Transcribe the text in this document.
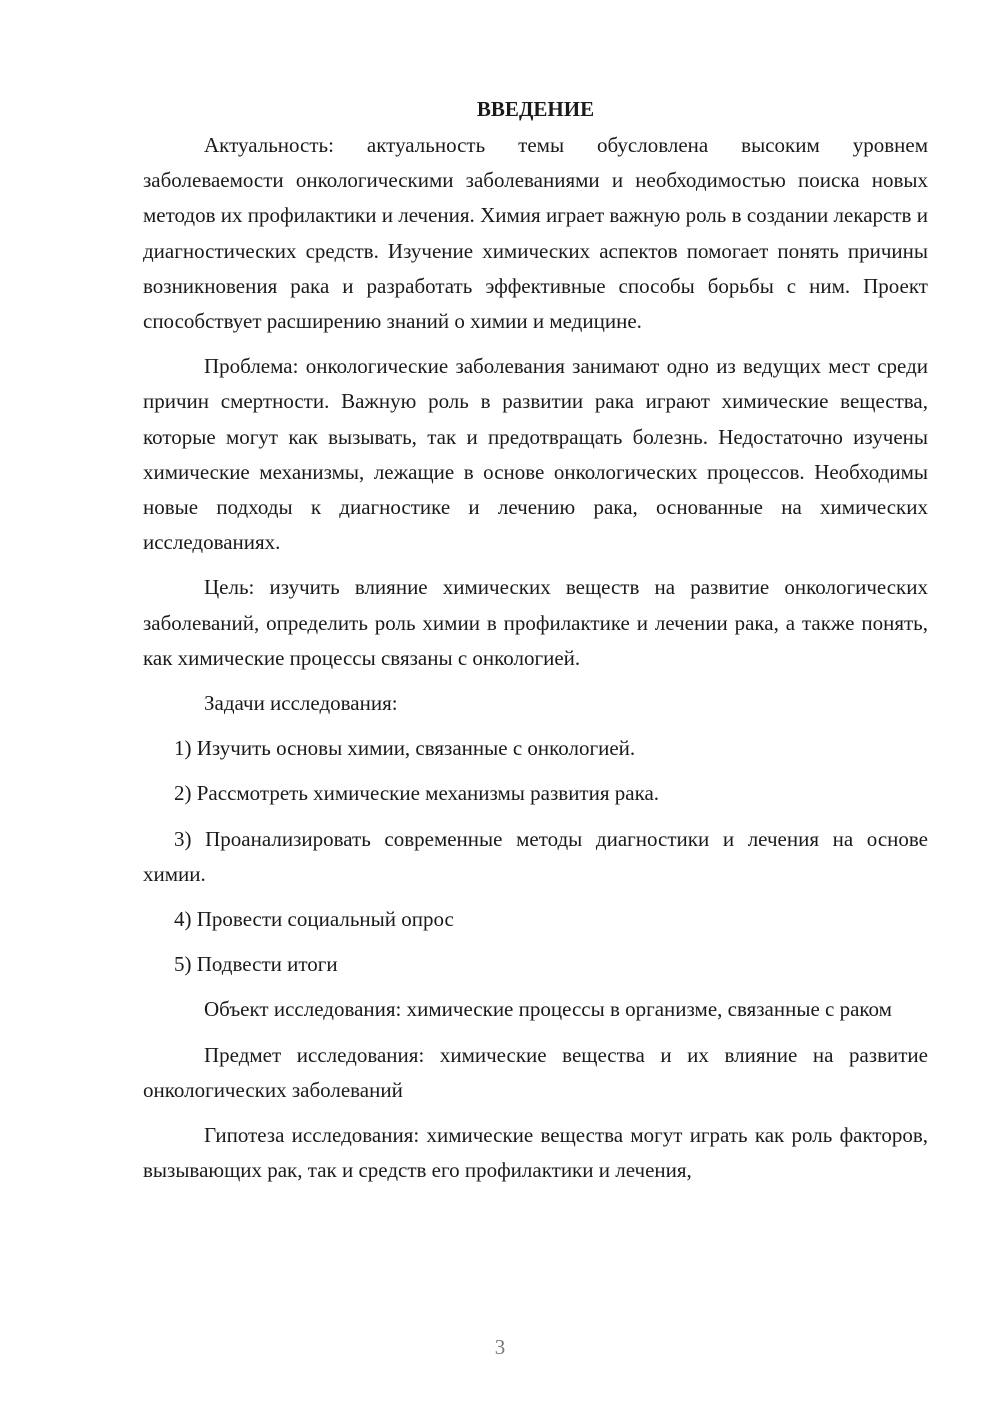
ВВЕДЕНИЕ

Актуальность: актуальность темы обусловлена высоким уровнем заболеваемости онкологическими заболеваниями и необходимостью поиска новых методов их профилактики и лечения. Химия играет важную роль в создании лекарств и диагностических средств. Изучение химических аспектов помогает понять причины возникновения рака и разработать эффективные способы борьбы с ним. Проект способствует расширению знаний о химии и медицине.

Проблема: онкологические заболевания занимают одно из ведущих мест среди причин смертности. Важную роль в развитии рака играют химические вещества, которые могут как вызывать, так и предотвращать болезнь. Недостаточно изучены химические механизмы, лежащие в основе онкологических процессов. Необходимы новые подходы к диагностике и лечению рака, основанные на химических исследованиях.

Цель: изучить влияние химических веществ на развитие онкологических заболеваний, определить роль химии в профилактике и лечении рака, а также понять, как химические процессы связаны с онкологией.

Задачи исследования:

1) Изучить основы химии, связанные с онкологией.

2) Рассмотреть химические механизмы развития рака.

3) Проанализировать современные методы диагностики и лечения на основе химии.

4) Провести социальный опрос

5) Подвести итоги

Объект исследования: химические процессы в организме, связанные с раком

Предмет исследования: химические вещества и их влияние на развитие онкологических заболеваний

Гипотеза исследования: химические вещества могут играть как роль факторов, вызывающих рак, так и средств его профилактики и лечения,

3
